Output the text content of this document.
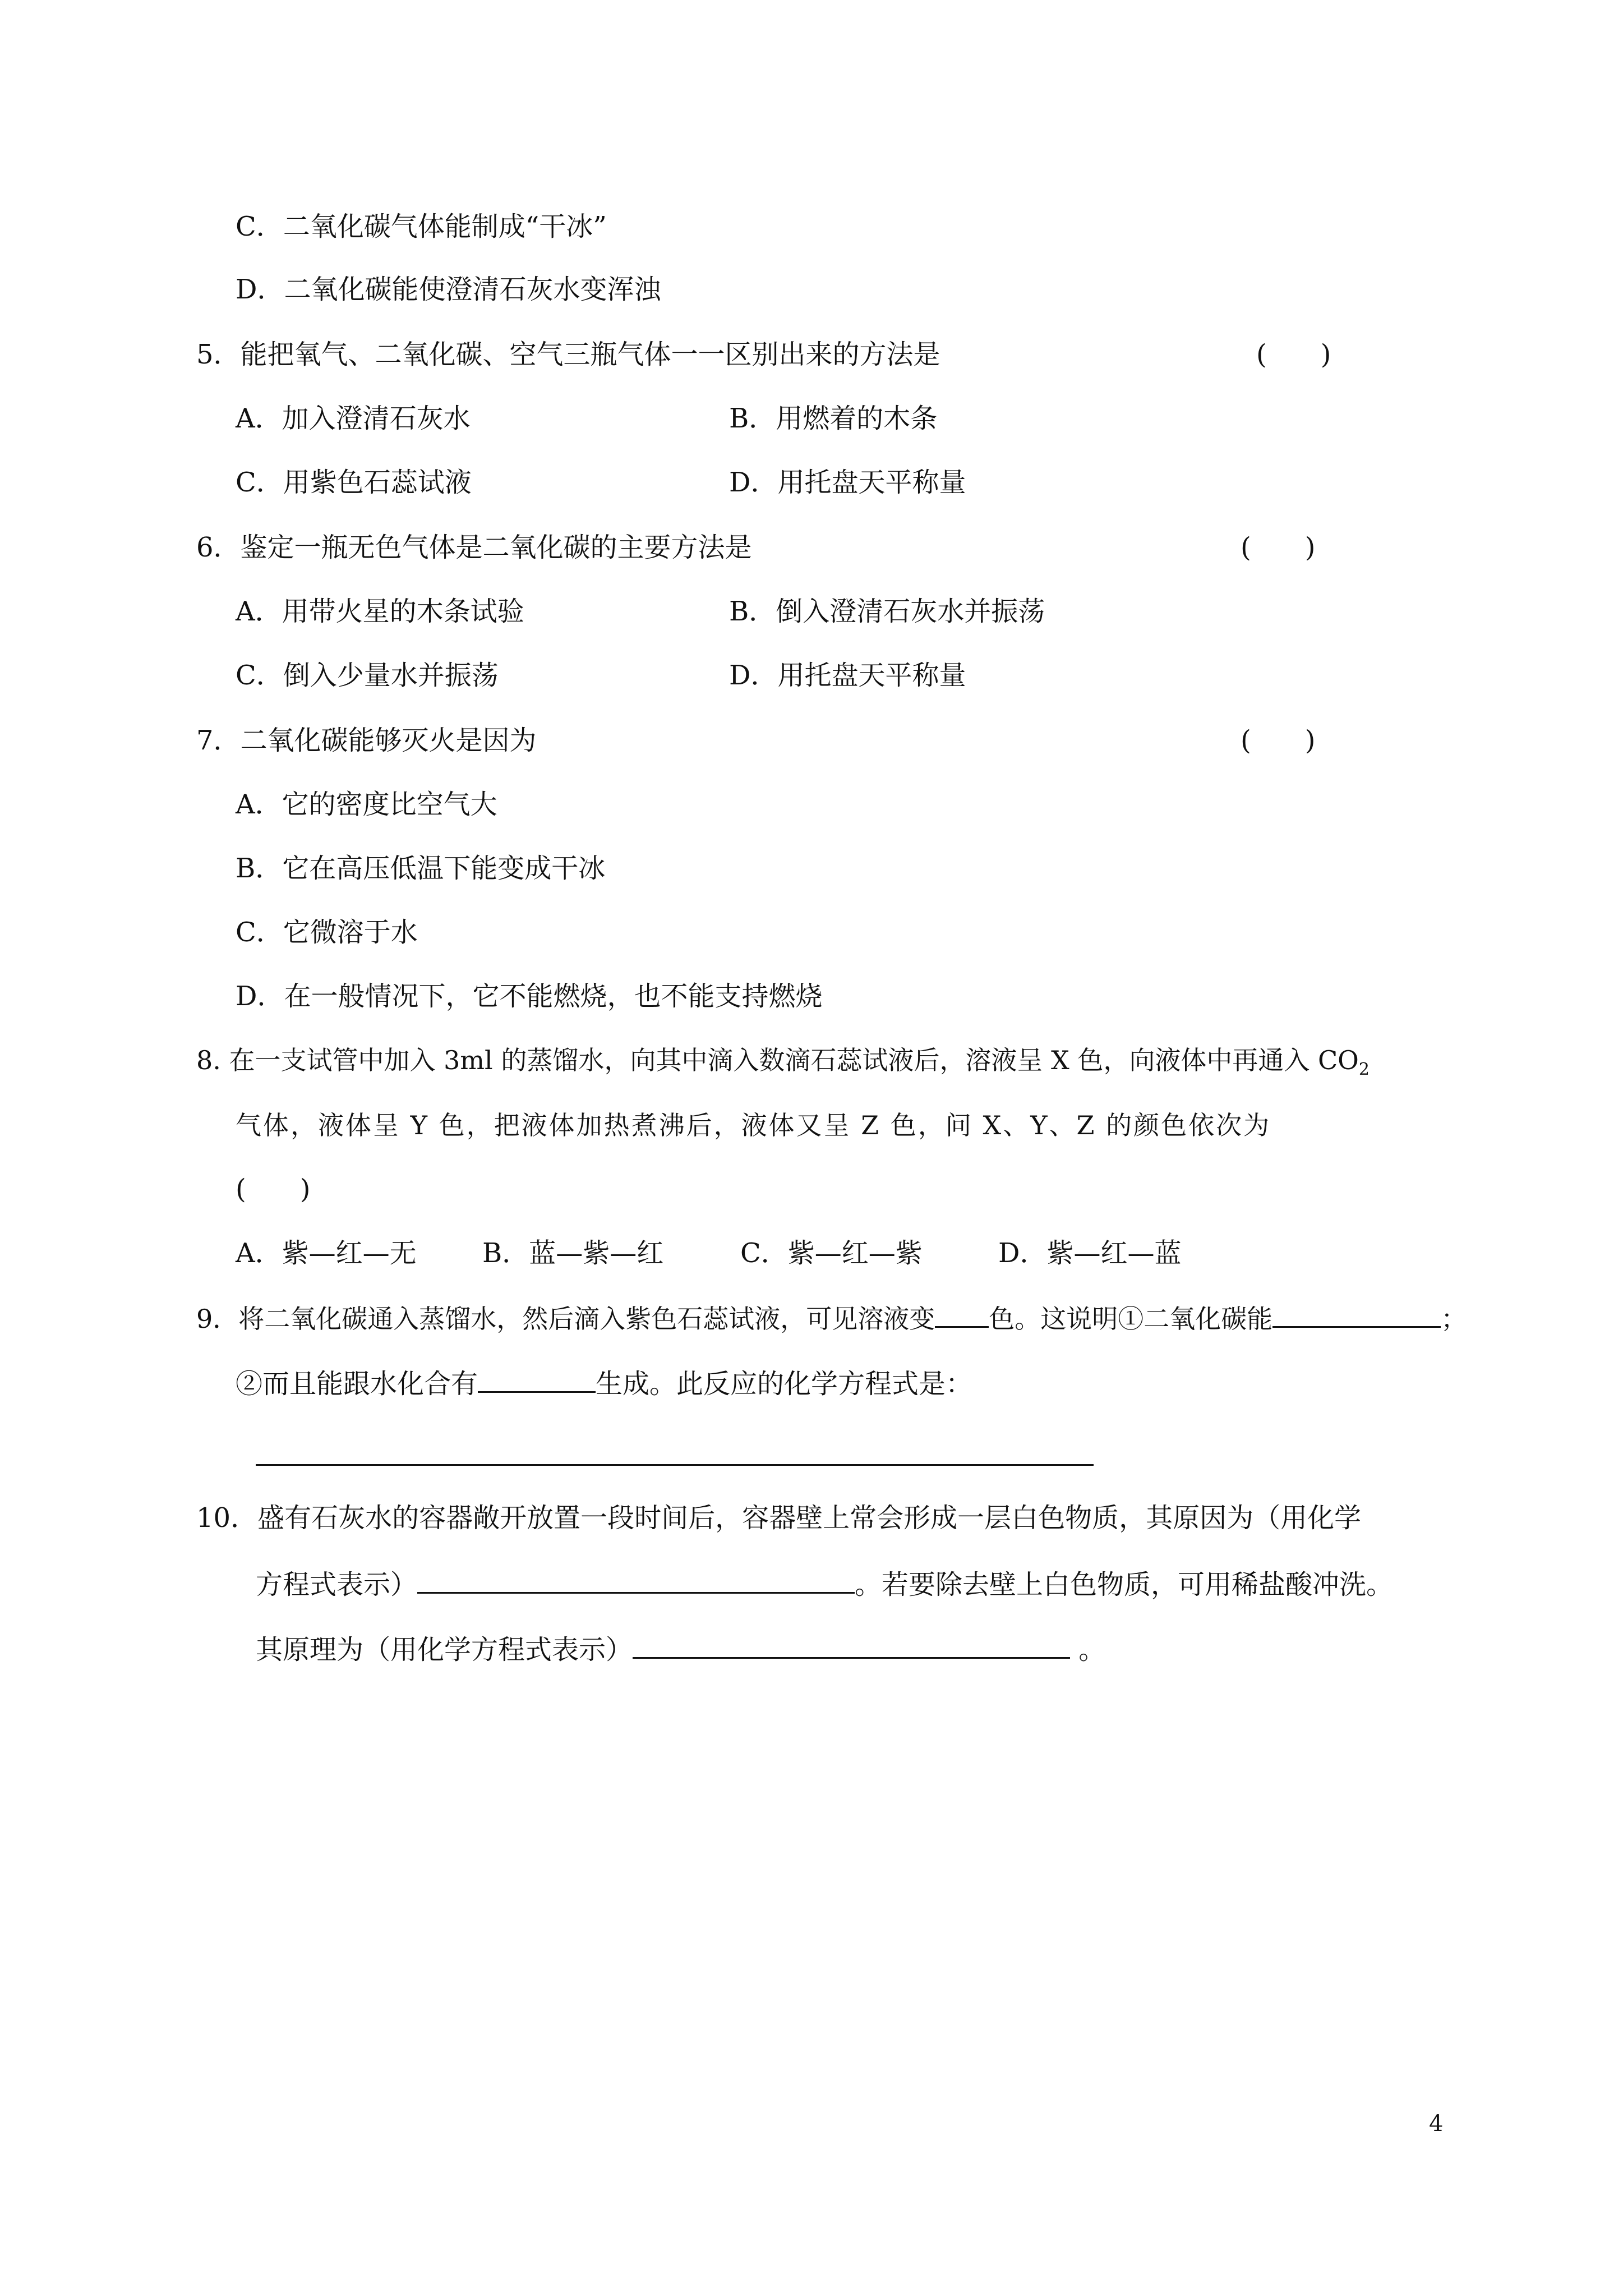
C．二氧化碳气体能制成“干冰”
D．二氧化碳能使澄清石灰水变浑浊
5．能把氧气、二氧化碳、空气三瓶气体一一区别出来的方法是	(　　)
A．加入澄清石灰水	B．用燃着的木条
C．用紫色石蕊试液	D．用托盘天平称量
6．鉴定一瓶无色气体是二氧化碳的主要方法是	(　　)
A．用带火星的木条试验	B．倒入澄清石灰水并振荡
C．倒入少量水并振荡	D．用托盘天平称量
7．二氧化碳能够灭火是因为	(　　)
A．它的密度比空气大
B．它在高压低温下能变成干冰
C．它微溶于水
D．在一般情况下，它不能燃烧，也不能支持燃烧
8. 在一支试管中加入 3ml 的蒸馏水，向其中滴入数滴石蕊试液后，溶液呈 X 色，向液体中再通入 $CO_2$
气体，液体呈 Y 色，把液体加热煮沸后，液体又呈 Z 色，问 X、Y、Z 的颜色依次为
(　　)
A．紫—红—无 B．蓝—紫—红	C．紫—红—紫	D．紫—红—蓝
9．将二氧化碳通入蒸馏水，然后滴入紫色石蕊试液，可见溶液变 色。这说明①二氧化碳能	；
②而且能跟水化合有	生成。此反应的化学方程式是：
10．盛有石灰水的容器敞开放置一段时间后，容器壁上常会形成一层白色物质，其原因为（用化学
方程式表示）	。若要除去壁上白色物质，可用稀盐酸冲洗。
其原理为（用化学方程式表示）	。
4
